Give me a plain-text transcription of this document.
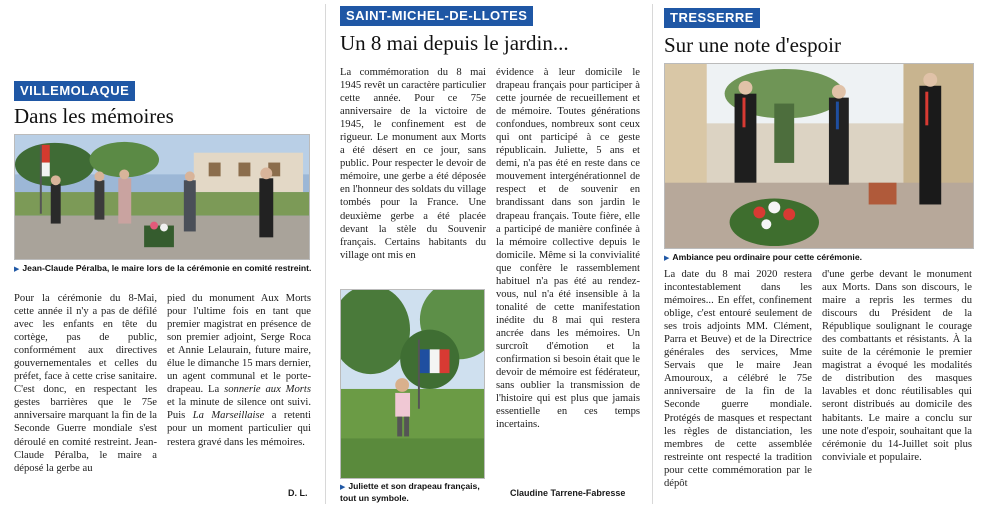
VILLEMOLAQUE
Dans les mémoires
▶ Jean-Claude Péralba, le maire lors de la cérémonie en comité restreint.

Pour la cérémonie du 8-Mai, cette année il n'y a pas de défilé avec les enfants en tête du cortège, pas de public, conformément aux directives gouvernementales et celles du préfet, face à cette crise sanitaire. C'est donc, en respectant les gestes barrières que le 75e anniversaire marquant la fin de la Seconde Guerre mondiale s'est déroulé en comité restreint. Jean-Claude Péralba, le maire a déposé la gerbe au

pied du monument Aux Morts pour l'ultime fois en tant que premier magistrat en présence de son premier adjoint, Serge Roca et Annie Lelaurain, future maire, élue le dimanche 15 mars dernier, un agent communal et le porte-drapeau. La sonnerie aux Morts et la minute de silence ont suivi. Puis La Marseillaise a retenti pour un moment particulier qui restera gravé dans les mémoires.

D. L.
SAINT-MICHEL-DE-LLOTES
Un 8 mai depuis le jardin...

La commémoration du 8 mai 1945 revêt un caractère particulier cette année. Pour ce 75e anniversaire de la victoire de 1945, le confinement est de rigueur. Le monument aux Morts a été désert en ce jour, sans public. Pour respecter le devoir de mémoire, une gerbe a été déposée en l'honneur des soldats du village tombés pour la France. Une deuxième gerbe a été placée devant la stèle du Souvenir français. Certains habitants du village ont mis en

▶ Juliette et son drapeau français, tout un symbole.

évidence à leur domicile le drapeau français pour participer à cette journée de recueillement et de mémoire. Toutes générations confondues, nombreux sont ceux qui ont participé à ce geste républicain. Juliette, 5 ans et demi, n'a pas été en reste dans ce mouvement intergénérationnel de respect et de souvenir en brandissant dans son jardin le drapeau français. Toute fière, elle a participé de manière confinée à la mémoire collective depuis le domicile. Même si la convivialité que confère le rassemblement habituel n'a pas été au rendez-vous, nul n'a été insensible à la tonalité de cette manifestation inédite du 8 mai qui restera ancrée dans les mémoires. Un surcroît d'émotion et la confirmation si besoin était que le devoir de mémoire est fédérateur, sans oublier la transmission de l'histoire qui est plus que jamais essentielle en ces temps incertains.

Claudine Tarrene-Fabresse
TRESSERRE
Sur une note d'espoir
▶ Ambiance peu ordinaire pour cette cérémonie.

La date du 8 mai 2020 restera incontestablement dans les mémoires... En effet, confinement oblige, c'est entouré seulement de ses trois adjoints MM. Clément, Parra et Beuve) et de la Directrice générales des services, Mme Servais que le maire Jean Amouroux, a célébré le 75e anniversaire de la fin de la Seconde guerre mondiale. Protégés de masques et respectant les règles de distanciation, les membres de cette assemblée restreinte ont respecté la tradition pour cette commémoration par le dépôt

d'une gerbe devant le monument aux Morts. Dans son discours, le maire a repris les termes du discours du Président de la République soulignant le courage des combattants et résistants. À la suite de la cérémonie le premier magistrat a évoqué les modalités de distribution des masques lavables et donc réutilisables qui seront distribués au domicile des habitants. Le maire a conclu sur une note d'espoir, souhaitant que la cérémonie du 14-Juillet soit plus conviviale et populaire.
